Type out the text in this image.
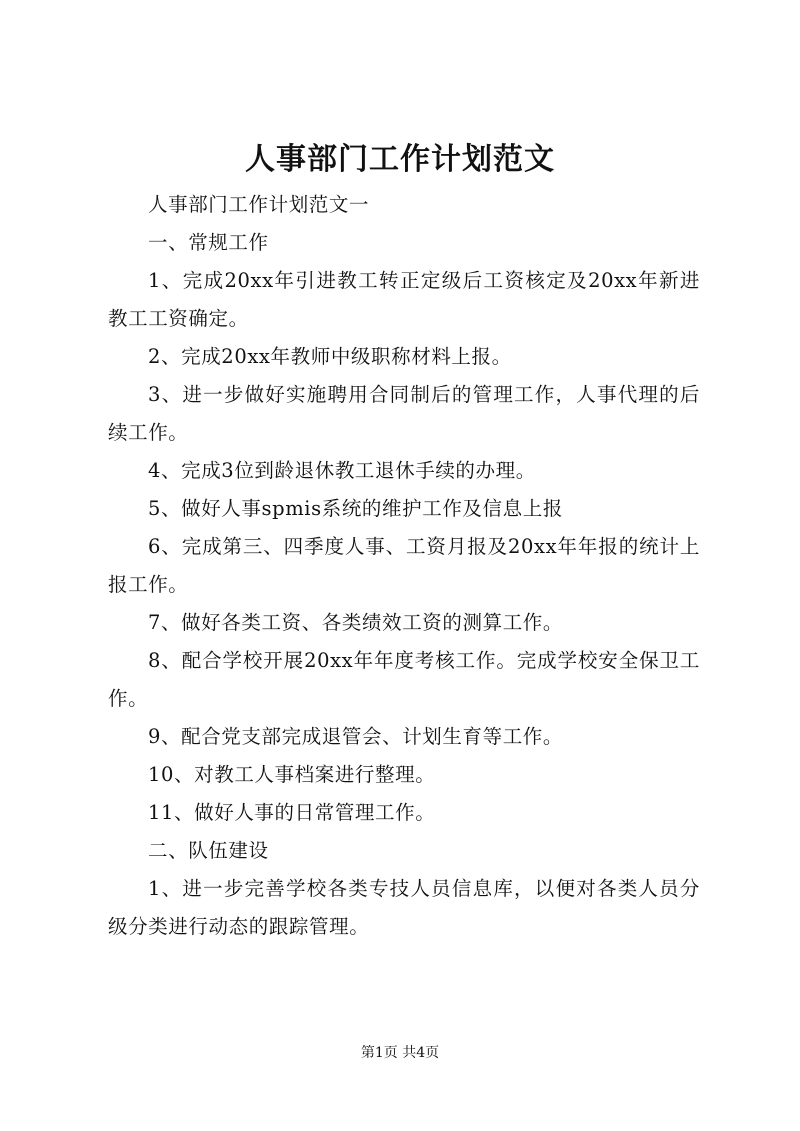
人事部门工作计划范文

人事部门工作计划范文一

一、常规工作

1、完成20xx年引进教工转正定级后工资核定及20xx年新进教工工资确定。

2、完成20xx年教师中级职称材料上报。

3、进一步做好实施聘用合同制后的管理工作，人事代理的后续工作。

4、完成3位到龄退休教工退休手续的办理。

5、做好人事spmis系统的维护工作及信息上报

6、完成第三、四季度人事、工资月报及20xx年年报的统计上报工作。

7、做好各类工资、各类绩效工资的测算工作。

8、配合学校开展20xx年年度考核工作。完成学校安全保卫工作。

9、配合党支部完成退管会、计划生育等工作。

10、对教工人事档案进行整理。

11、做好人事的日常管理工作。

二、队伍建设

1、进一步完善学校各类专技人员信息库，以便对各类人员分级分类进行动态的跟踪管理。

第1页 共4页
